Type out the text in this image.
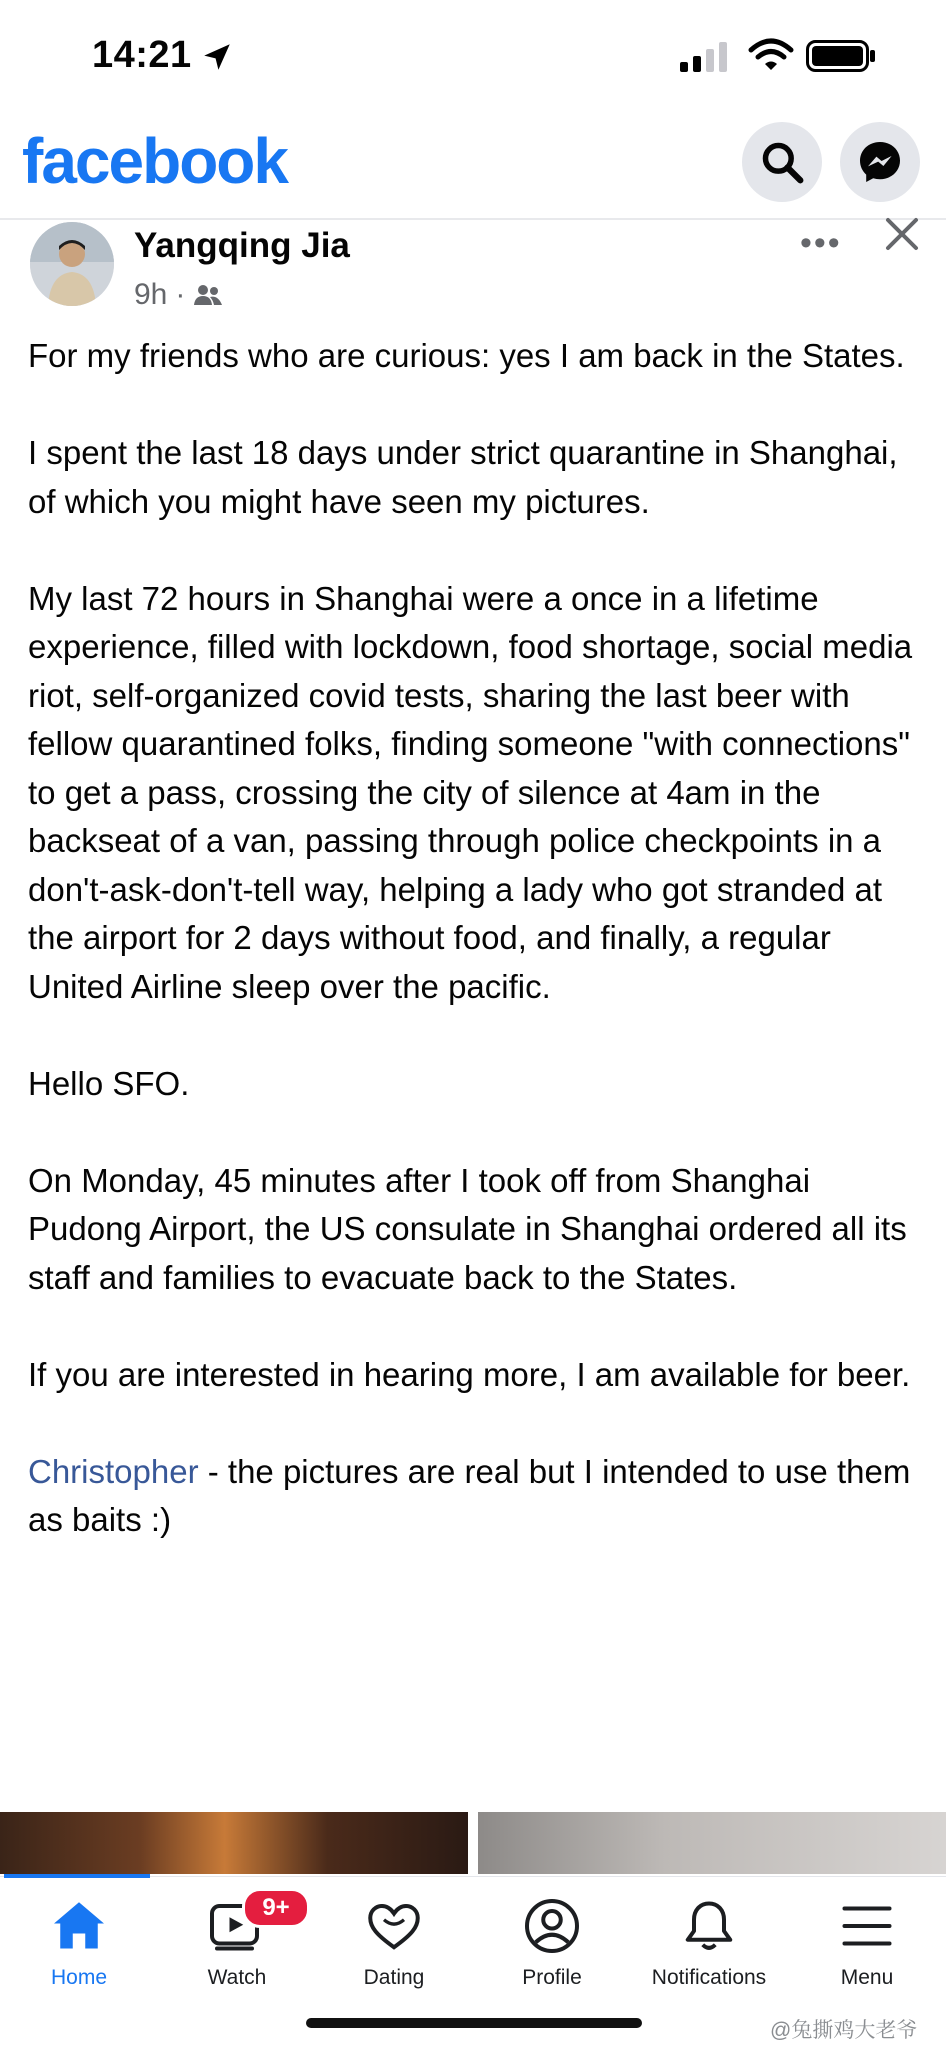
14:21
facebook
Yangqing Jia
9h ·
•••

For my friends who are curious: yes I am back in the States.

I spent the last 18 days under strict quarantine in Shanghai, of which you might have seen my pictures.

My last 72 hours in Shanghai were a once in a lifetime experience, filled with lockdown, food shortage, social media riot, self-organized covid tests, sharing the last beer with fellow quarantined folks, finding someone "with connections" to get a pass, crossing the city of silence at 4am in the backseat of a van, passing through police checkpoints in a don't-ask-don't-tell way, helping a lady who got stranded at the airport for 2 days without food, and finally, a regular United Airline sleep over the pacific.

Hello SFO.

On Monday, 45 minutes after I took off from Shanghai Pudong Airport, the US consulate in Shanghai ordered all its staff and families to evacuate back to the States.

If you are interested in hearing more, I am available for beer.

Christopher - the pictures are real but I intended to use them as baits :)

Home	Watch
9+
Dating	Profile	Notifications	Menu
@兔撕鸡大老爷
